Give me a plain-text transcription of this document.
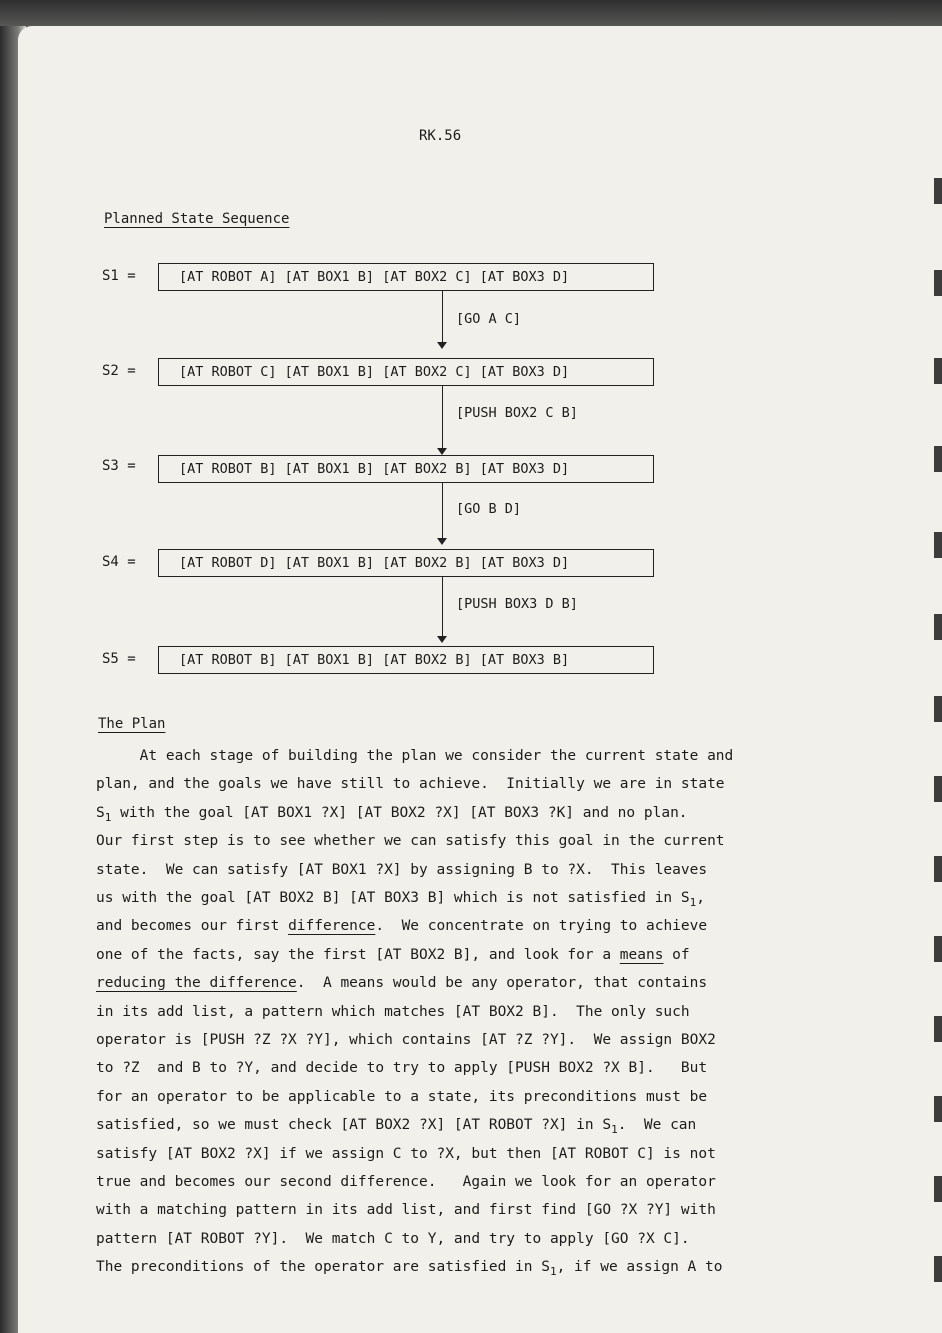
RK.56
Planned State Sequence
S1 =	[AT ROBOT A] [AT BOX1 B] [AT BOX2 C] [AT BOX3 D]
[GO A C]
S2 =	[AT ROBOT C] [AT BOX1 B] [AT BOX2 C] [AT BOX3 D]
[PUSH BOX2 C B]
S3 =	[AT ROBOT B] [AT BOX1 B] [AT BOX2 B] [AT BOX3 D]
[GO B D]
S4 =	[AT ROBOT D] [AT BOX1 B] [AT BOX2 B] [AT BOX3 D]
[PUSH BOX3 D B]
S5 =	[AT ROBOT B] [AT BOX1 B] [AT BOX2 B] [AT BOX3 B]
The Plan
At each stage of building the plan we consider the current state and
plan, and the goals we have still to achieve.  Initially we are in state
$S_1$ with the goal [AT BOX1 ?X] [AT BOX2 ?X] [AT BOX3 ?K] and no plan.
Our first step is to see whether we can satisfy this goal in the current
state.  We can satisfy [AT BOX1 ?X] by assigning B to ?X.  This leaves
us with the goal [AT BOX2 B] [AT BOX3 B] which is not satisfied in $S_1$,
and becomes our first difference.  We concentrate on trying to achieve
one of the facts, say the first [AT BOX2 B], and look for a means of
reducing the difference.  A means would be any operator, that contains
in its add list, a pattern which matches [AT BOX2 B].  The only such
operator is [PUSH ?Z ?X ?Y], which contains [AT ?Z ?Y].  We assign BOX2
to ?Z  and B to ?Y, and decide to try to apply [PUSH BOX2 ?X B].   But
for an operator to be applicable to a state, its preconditions must be
satisfied, so we must check [AT BOX2 ?X] [AT ROBOT ?X] in $S_1$.  We can
satisfy [AT BOX2 ?X] if we assign C to ?X, but then [AT ROBOT C] is not
true and becomes our second difference.   Again we look for an operator
with a matching pattern in its add list, and first find [GO ?X ?Y] with
pattern [AT ROBOT ?Y].  We match C to Y, and try to apply [GO ?X C].
The preconditions of the operator are satisfied in $S_1$, if we assign A to
